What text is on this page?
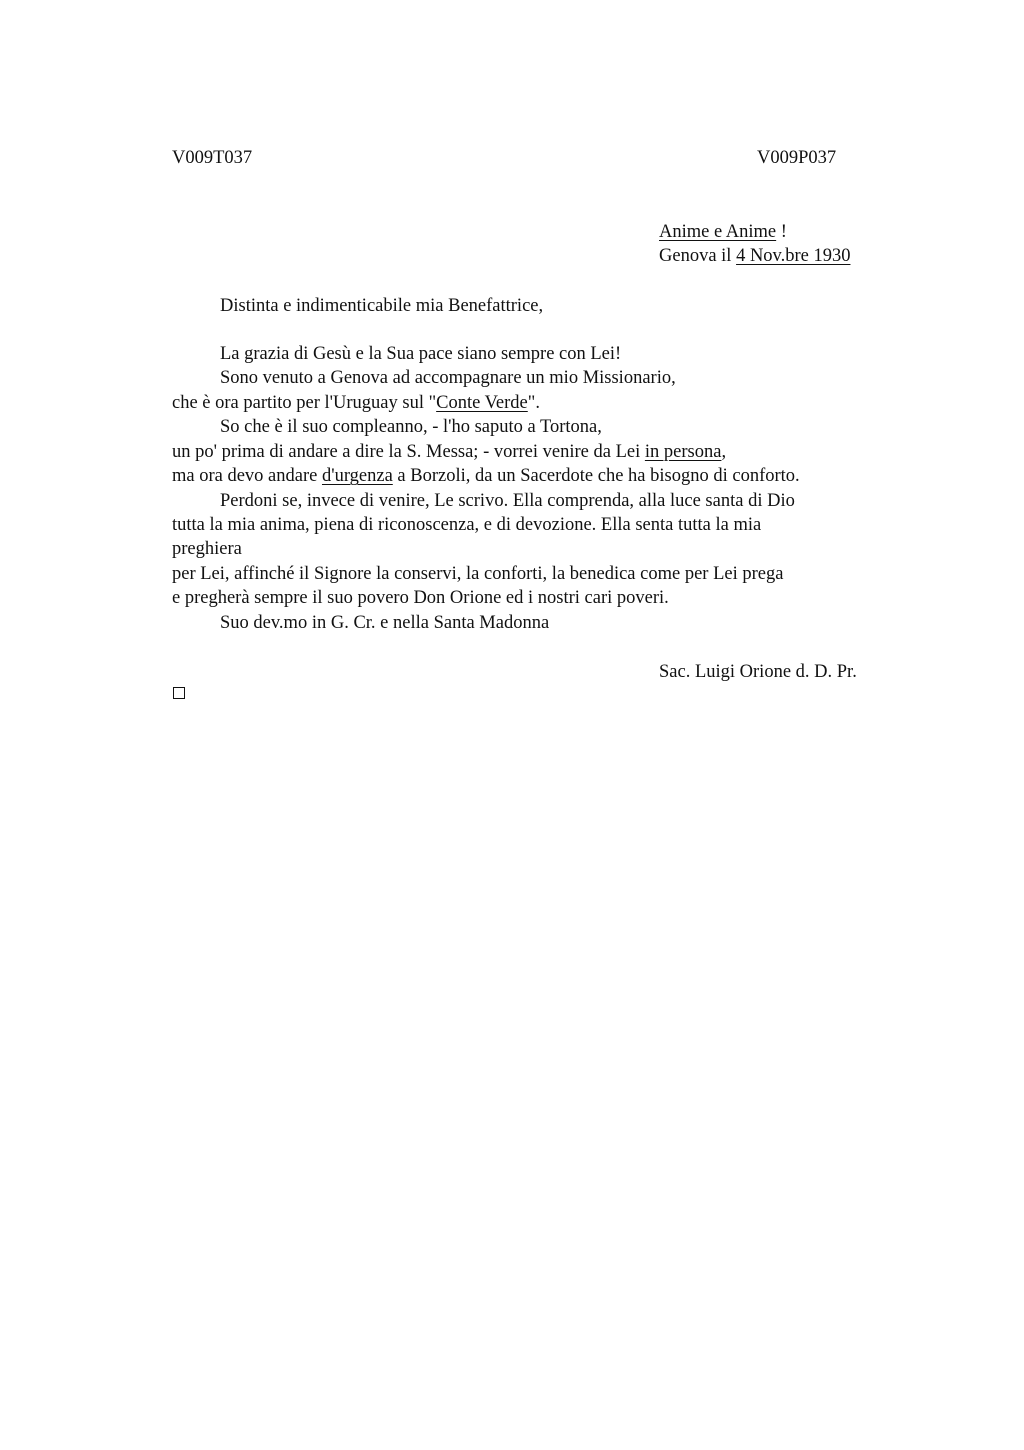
V009T037	V009P037
Anime e Anime !
Genova il 4 Nov.bre 1930
Distinta e indimenticabile mia Benefattrice,
La grazia di Gesù e la Sua pace siano sempre con Lei!
Sono venuto a Genova ad accompagnare un mio Missionario,
che è ora partito per l'Uruguay sul "Conte Verde".
So che è il suo compleanno, - l'ho saputo a Tortona,
un po' prima di andare a dire la S. Messa; - vorrei venire da Lei in persona,
ma ora devo andare d'urgenza a Borzoli, da un Sacerdote che ha bisogno di conforto.
Perdoni se, invece di venire, Le scrivo. Ella comprenda, alla luce santa di Dio
tutta la mia anima, piena di riconoscenza, e di devozione. Ella senta tutta la mia
preghiera
per Lei, affinché il Signore la conservi, la conforti, la benedica come per Lei prega
e pregherà sempre il suo povero Don Orione ed i nostri cari poveri.
Suo dev.mo in G. Cr. e nella Santa Madonna
Sac. Luigi Orione d. D. Pr.
